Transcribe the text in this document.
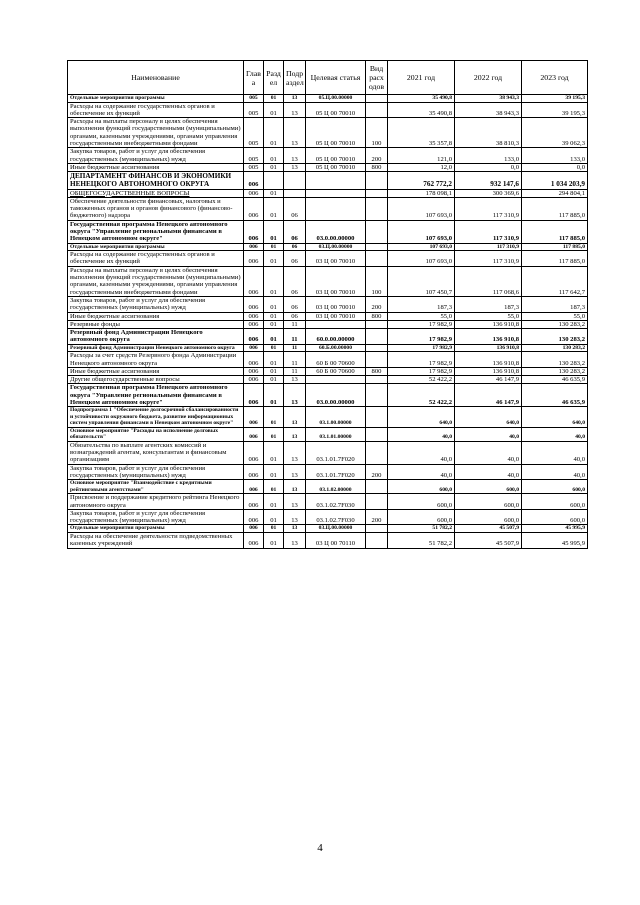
Наименование	Глав а	Разд ел	Подр аздел	Целевая статья	Вид расх одов	2021 год	2022 год	2023 год
Отдельные мероприятия программы	005	01	13	05.Ц.00.00000		35 490,8	38 943,3	39 195,3
Расходы на содержание государственных органов и обеспечение их функций	005	01	13	05 Ц 00 70010		35 490,8	38 943,3	39 195,3
Расходы на выплаты персоналу в целях обеспечения выполнения функций государственными (муниципальными) органами, казенными учреждениями, органами управления государственными внебюджетными фондами	005	01	13	05 Ц 00 70010	100	35 357,8	38 810,3	39 062,3
Закупка товаров, работ и услуг для обеспечения государственных (муниципальных) нужд	005	01	13	05 Ц 00 70010	200	121,0	133,0	133,0
Иные бюджетные ассигнования	005	01	13	05 Ц 00 70010	800	12,0	0,0	0,0
ДЕПАРТАМЕНТ ФИНАНСОВ И ЭКОНОМИКИ НЕНЕЦКОГО АВТОНОМНОГО ОКРУГА	006					762 772,2	932 147,6	1 034 203,9
ОБЩЕГОСУДАРСТВЕННЫЕ ВОПРОСЫ	006	01				178 098,1	300 369,6	294 804,1
Обеспечение деятельности финансовых, налоговых и таможенных органов и органов финансового (финансово-бюджетного) надзора	006	01	06			107 693,0	117 310,9	117 885,0
Государственная программа Ненецкого автономного округа "Управление региональными финансами в Ненецком автономном округе"	006	01	06	03.0.00.00000		107 693,0	117 310,9	117 885,0
Отдельные мероприятия программы	006	01	06	03.Ц.00.00000		107 693,0	117 310,9	117 885,0
Расходы на содержание государственных органов и обеспечение их функций	006	01	06	03 Ц 00 70010		107 693,0	117 310,9	117 885,0
Расходы на выплаты персоналу в целях обеспечения выполнения функций государственными (муниципальными) органами, казенными учреждениями, органами управления государственными внебюджетными фондами	006	01	06	03 Ц 00 70010	100	107 450,7	117 068,6	117 642,7
Закупка товаров, работ и услуг для обеспечения государственных (муниципальных) нужд	006	01	06	03 Ц 00 70010	200	187,3	187,3	187,3
Иные бюджетные ассигнования	006	01	06	03 Ц 00 70010	800	55,0	55,0	55,0
Резервные фонды	006	01	11			17 982,9	136 910,8	130 283,2
Резервный фонд Администрации Ненецкого автономного округа	006	01	11	60.0.00.00000		17 982,9	136 910,8	130 283,2
Резервный фонд Администрации Ненецкого автономного округа	006	01	11	60.Б.00.00000		17 982,9	136 910,8	130 283,2
Расходы за счет средств Резервного фонда Администрации Ненецкого автономного округа	006	01	11	60 Б 00 70600		17 982,9	136 910,8	130 283,2
Иные бюджетные ассигнования	006	01	11	60 Б 00 70600	800	17 982,9	136 910,8	130 283,2
Другие общегосударственные вопросы	006	01	13			52 422,2	46 147,9	46 635,9
Государственная программа Ненецкого автономного округа "Управление региональными финансами в Ненецком автономном округе"	006	01	13	03.0.00.00000		52 422,2	46 147,9	46 635,9
Подпрограмма 1 "Обеспечение долгосрочной сбалансированности и устойчивости окружного бюджета, развитие информационных систем управления финансами в Ненецком автономном округе"	006	01	13	03.1.00.00000		640,0	640,0	640,0
Основное мероприятие "Расходы на исполнение долговых обязательств"	006	01	13	03.1.01.00000		40,0	40,0	40,0
Обязательства по выплате агентских комиссий и вознаграждений агентам, консультантам и финансовым организациям	006	01	13	03.1.01.7F020		40,0	40,0	40,0
Закупка товаров, работ и услуг для обеспечения государственных (муниципальных) нужд	006	01	13	03.1.01.7F020	200	40,0	40,0	40,0
Основное мероприятие "Взаимодействие с кредитными рейтинговыми агентствами"	006	01	13	03.1.02.00000		600,0	600,0	600,0
Присвоение и поддержание кредитного рейтинга Ненецкого автономного округа	006	01	13	03.1.02.7F030		600,0	600,0	600,0
Закупка товаров, работ и услуг для обеспечения государственных (муниципальных) нужд	006	01	13	03.1.02.7F030	200	600,0	600,0	600,0
Отдельные мероприятия программы	006	01	13	03.Ц.00.00000		51 782,2	45 507,9	45 995,9
Расходы на обеспечение деятельности подведомственных казенных учреждений	006	01	13	03 Ц 00 70110		51 782,2	45 507,9	45 995,9
4
